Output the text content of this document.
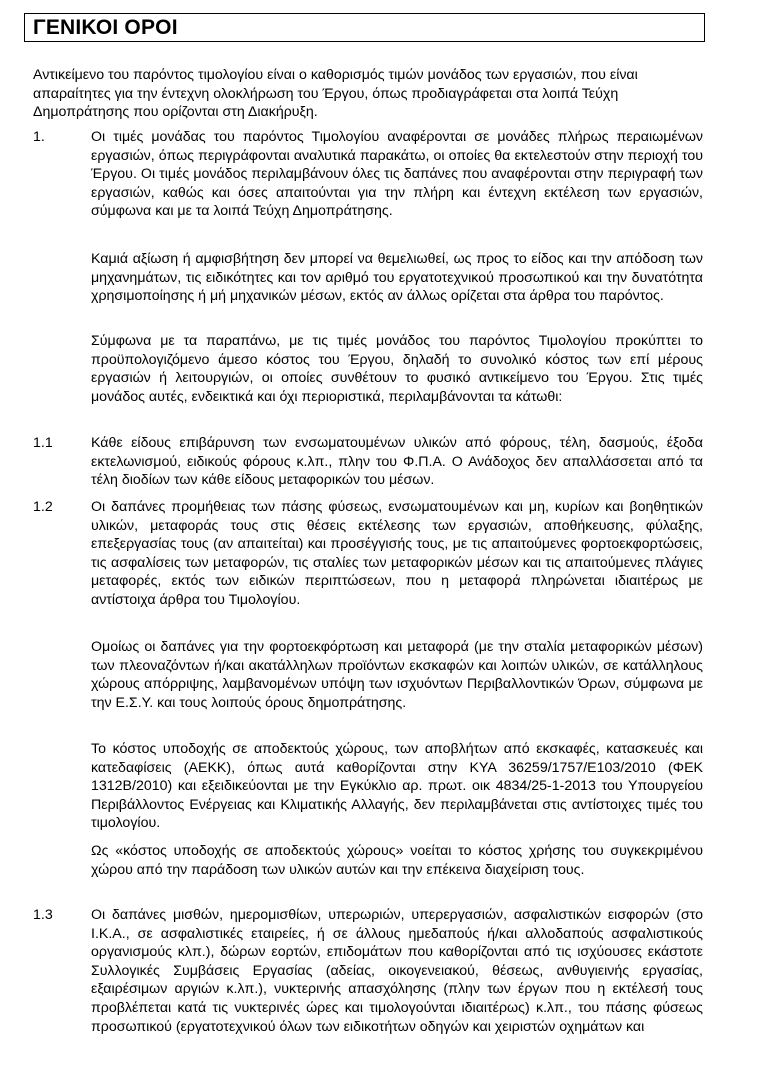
ΓΕΝΙΚΟΙ ΟΡΟΙ
Αντικείμενο του παρόντος τιμολογίου είναι ο καθορισμός τιμών μονάδος των εργασιών, που είναι απαραίτητες για την έντεχνη ολοκλήρωση του Έργου, όπως προδιαγράφεται στα λοιπά Τεύχη Δημοπράτησης που ορίζονται στη Διακήρυξη.
1.	Οι τιμές μονάδας του παρόντος Τιμολογίου αναφέρονται σε μονάδες πλήρως περαιωμένων εργασιών, όπως περιγράφονται αναλυτικά παρακάτω, οι οποίες θα εκτελεστούν στην περιοχή του Έργου. Οι τιμές μονάδος περιλαμβάνουν όλες τις δαπάνες που αναφέρονται στην περιγραφή των εργασιών, καθώς και όσες απαιτούνται για την πλήρη και έντεχνη εκτέλεση των εργασιών, σύμφωνα και με τα λοιπά Τεύχη Δημοπράτησης.
Καμιά αξίωση ή αμφισβήτηση δεν μπορεί να θεμελιωθεί, ως προς το είδος και την απόδοση των μηχανημάτων, τις ειδικότητες και τον αριθμό του εργατοτεχνικού προσωπικού και την δυνατότητα χρησιμοποίησης ή μή μηχανικών μέσων, εκτός αν άλλως ορίζεται στα άρθρα του παρόντος.
Σύμφωνα με τα παραπάνω, με τις τιμές μονάδος του παρόντος Τιμολογίου προκύπτει το προϋπολογιζόμενο άμεσο κόστος του Έργου, δηλαδή το συνολικό κόστος των επί μέρους εργασιών ή λειτουργιών, οι οποίες συνθέτουν το φυσικό αντικείμενο του Έργου. Στις τιμές μονάδος αυτές, ενδεικτικά και όχι περιοριστικά, περιλαμβάνονται τα κάτωθι:
1.1	Κάθε είδους επιβάρυνση των ενσωματουμένων υλικών από φόρους, τέλη, δασμούς, έξοδα εκτελωνισμού, ειδικούς φόρους κ.λπ., πλην του Φ.Π.Α. Ο Ανάδοχος δεν απαλλάσσεται από τα τέλη διοδίων των κάθε είδους μεταφορικών του μέσων.
1.2	Οι δαπάνες προμήθειας των πάσης φύσεως, ενσωματουμένων και μη, κυρίων και βοηθητικών υλικών, μεταφοράς τους στις θέσεις εκτέλεσης των εργασιών, αποθήκευσης, φύλαξης, επεξεργασίας τους (αν απαιτείται) και προσέγγισής τους, με τις απαιτούμενες φορτοεκφορτώσεις, τις ασφαλίσεις των μεταφορών, τις σταλίες των μεταφορικών μέσων και τις απαιτούμενες πλάγιες μεταφορές, εκτός των ειδικών περιπτώσεων, που η μεταφορά πληρώνεται ιδιαιτέρως με αντίστοιχα άρθρα του Τιμολογίου.
Ομοίως οι δαπάνες για την φορτοεκφόρτωση και μεταφορά (με την σταλία μεταφορικών μέσων) των πλεοναζόντων ή/και ακατάλληλων προϊόντων εκσκαφών και λοιπών υλικών, σε κατάλληλους χώρους απόρριψης, λαμβανομένων υπόψη των ισχυόντων Περιβαλλοντικών Όρων, σύμφωνα με την Ε.Σ.Υ. και τους λοιπούς όρους δημοπράτησης.
Το κόστος υποδοχής σε αποδεκτούς χώρους, των αποβλήτων από εκσκαφές, κατασκευές και κατεδαφίσεις (ΑΕΚΚ), όπως αυτά καθορίζονται στην ΚΥΑ 36259/1757/Ε103/2010 (ΦΕΚ 1312Β/2010) και εξειδικεύονται με την Εγκύκλιο αρ. πρωτ. οικ 4834/25-1-2013 του Υπουργείου Περιβάλλοντος Ενέργειας και Κλιματικής Αλλαγής, δεν περιλαμβάνεται στις αντίστοιχες τιμές του τιμολογίου.
Ως «κόστος υποδοχής σε αποδεκτούς χώρους» νοείται το κόστος χρήσης του συγκεκριμένου χώρου από την παράδοση των υλικών αυτών και την επέκεινα διαχείριση τους.
1.3	Οι δαπάνες μισθών, ημερομισθίων, υπερωριών, υπερεργασιών, ασφαλιστικών εισφορών (στο Ι.Κ.Α., σε ασφαλιστικές εταιρείες, ή σε άλλους ημεδαπούς ή/και αλλοδαπούς ασφαλιστικούς οργανισμούς κλπ.), δώρων εορτών, επιδομάτων που καθορίζονται από τις ισχύουσες εκάστοτε Συλλογικές Συμβάσεις Εργασίας (αδείας, οικογενειακού, θέσεως, ανθυγιεινής εργασίας, εξαιρέσιμων αργιών κ.λπ.), νυκτερινής απασχόλησης (πλην των έργων που η εκτέλεσή τους προβλέπεται κατά τις νυκτερινές ώρες και τιμολογούνται ιδιαιτέρως) κ.λπ., του πάσης φύσεως προσωπικού (εργατοτεχνικού όλων των ειδικοτήτων οδηγών και χειριστών οχημάτων και
